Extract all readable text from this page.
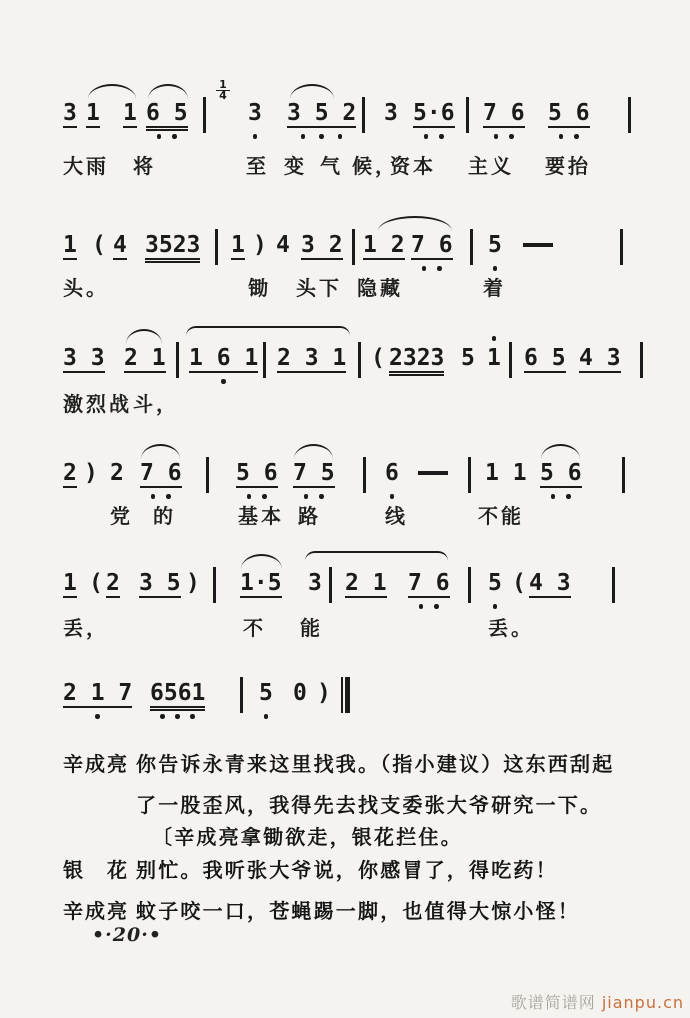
3 1 1 6 5
$\frac{1}{4}$
3 3 5 2 3 5·6 7 6 5 6
大雨 将	至 变 气 候，
资本 主义 要抬
1 ( 4 3523 1 ) 4 3 2 1 2 7 6 5
头。	锄 头下 隐藏	着
3 3 2 1 1 6 1 2 3 1 ( 2323 5 1 6 5 4 3
激烈战 斗，
2 ) 2 7 6 5 6 7 5 6	1 1 5 6
党 的	基本 路	线	不能
1 ( 2 3 5 ) 1·5 3 2 1 7 6 5 ( 4 3
丢，	不 能	丢。
2 1 7 6561 5 0 )
辛成亮 你告诉永青来这里找我。（指小建议）这东西刮起
了一股歪风，我得先去找支委张大爷研究一下。
〔辛成亮拿锄欲走，银花拦住。
银　花 别忙。我听张大爷说，你感冒了，得吃药！
辛成亮 蚊子咬一口，苍蝇踢一脚，也值得大惊小怪！
•·20·•
歌谱简谱网 jianpu.cn
